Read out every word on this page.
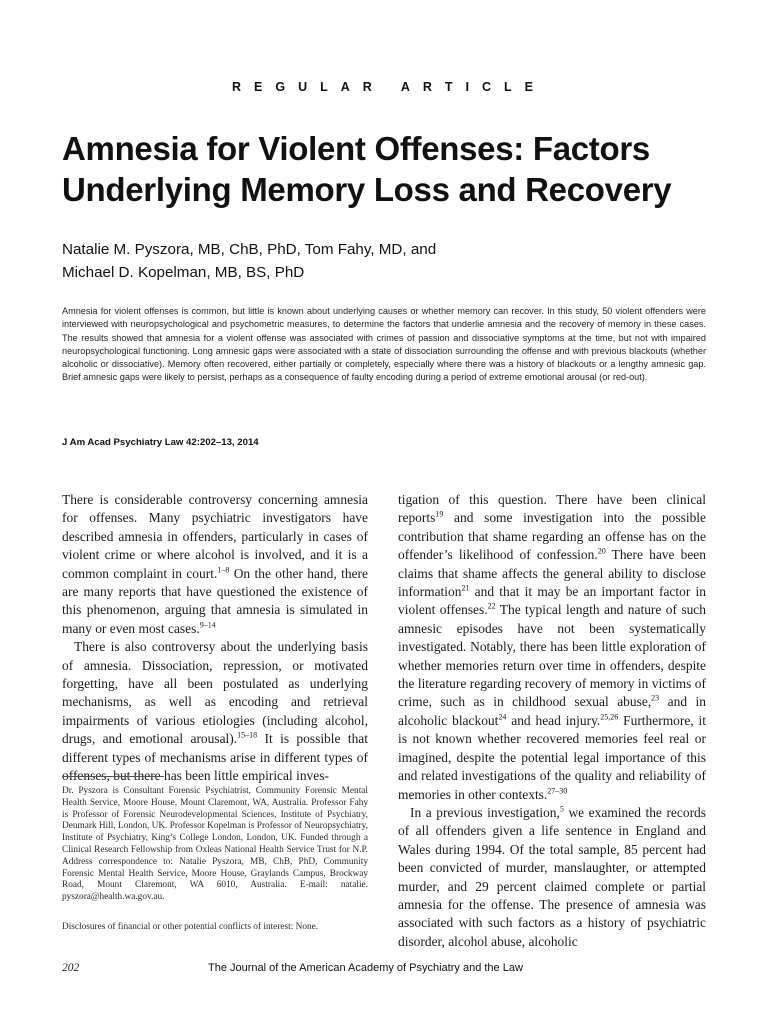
REGULAR ARTICLE
Amnesia for Violent Offenses: Factors Underlying Memory Loss and Recovery
Natalie M. Pyszora, MB, ChB, PhD, Tom Fahy, MD, and
Michael D. Kopelman, MB, BS, PhD

Amnesia for violent offenses is common, but little is known about underlying causes or whether memory can recover. In this study, 50 violent offenders were interviewed with neuropsychological and psychometric measures, to determine the factors that underlie amnesia and the recovery of memory in these cases. The results showed that amnesia for a violent offense was associated with crimes of passion and dissociative symptoms at the time, but not with impaired neuropsychological functioning. Long amnesic gaps were associated with a state of dissociation surrounding the offense and with previous blackouts (whether alcoholic or dissociative). Memory often recovered, either partially or completely, especially where there was a history of blackouts or a lengthy amnesic gap. Brief amnesic gaps were likely to persist, perhaps as a consequence of faulty encoding during a period of extreme emotional arousal (or red-out).

J Am Acad Psychiatry Law 42:202–13, 2014

There is considerable controversy concerning amnesia for offenses. Many psychiatric investigators have described amnesia in offenders, particularly in cases of violent crime or where alcohol is involved, and it is a common complaint in court.$^{1-8}$ On the other hand, there are many reports that have questioned the existence of this phenomenon, arguing that amnesia is simulated in many or even most cases.$^{9-14}$

There is also controversy about the underlying basis of amnesia. Dissociation, repression, or motivated forgetting, have all been postulated as underlying mechanisms, as well as encoding and retrieval impairments of various etiologies (including alcohol, drugs, and emotional arousal).$^{15-18}$ It is possible that different types of mechanisms arise in different types of offenses, but there has been little empirical inves-

Dr. Pyszora is Consultant Forensic Psychiatrist, Community Forensic Mental Health Service, Moore House, Mount Claremont, WA, Australia. Professor Fahy is Professor of Forensic Neurodevelopmental Sciences, Institute of Psychiatry, Denmark Hill, London, UK. Professor Kopelman is Professor of Neuropsychiatry, Institute of Psychiatry, King’s College London, London, UK. Funded through a Clinical Research Fellowship from Oxleas National Health Service Trust for N.P. Address correspondence to: Natalie Pyszora, MB, ChB, PhD, Community Forensic Mental Health Service, Moore House, Graylands Campus, Brockway Road, Mount Claremont, WA 6010, Australia. E-mail: natalie. pyszora@health.wa.gov.au.

Disclosures of financial or other potential conflicts of interest: None.

tigation of this question. There have been clinical reports$^{19}$ and some investigation into the possible contribution that shame regarding an offense has on the offender’s likelihood of confession.$^{20}$ There have been claims that shame affects the general ability to disclose information$^{21}$ and that it may be an important factor in violent offenses.$^{22}$ The typical length and nature of such amnesic episodes have not been systematically investigated. Notably, there has been little exploration of whether memories return over time in offenders, despite the literature regarding recovery of memory in victims of crime, such as in childhood sexual abuse,$^{23}$ and in alcoholic blackout$^{24}$ and head injury.$^{25,26}$ Furthermore, it is not known whether recovered memories feel real or imagined, despite the potential legal importance of this and related investigations of the quality and reliability of memories in other contexts.$^{27-30}$

In a previous investigation,$^5$ we examined the records of all offenders given a life sentence in England and Wales during 1994. Of the total sample, 85 percent had been convicted of murder, manslaughter, or attempted murder, and 29 percent claimed complete or partial amnesia for the offense. The presence of amnesia was associated with such factors as a history of psychiatric disorder, alcohol abuse, alcoholic

202	The Journal of the American Academy of Psychiatry and the Law
